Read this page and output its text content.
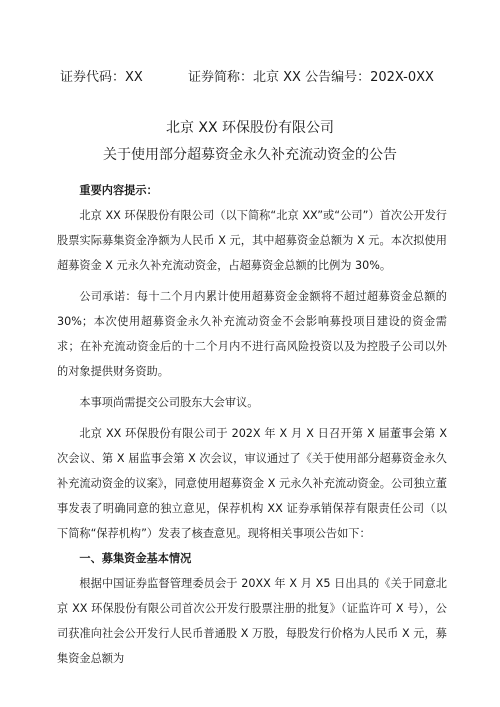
证券代码：XX	证券简称：北京 XX 公告编号：202X-0XX
北京 XX 环保股份有限公司
关于使用部分超募资金永久补充流动资金的公告

重要内容提示：

北京 XX 环保股份有限公司（以下简称“北京 XX”或“公司”）首次公开发行股票实际募集资金净额为人民币 X 元，其中超募资金总额为 X 元。本次拟使用超募资金 X 元永久补充流动资金，占超募资金总额的比例为 30%。

公司承诺：每十二个月内累计使用超募资金金额将不超过超募资金总额的 30%；本次使用超募资金永久补充流动资金不会影响募投项目建设的资金需求；在补充流动资金后的十二个月内不进行高风险投资以及为控股子公司以外的对象提供财务资助。

本事项尚需提交公司股东大会审议。

北京 XX 环保股份有限公司于 202X 年 X 月 X 日召开第 X 届董事会第 X 次会议、第 X 届监事会第 X 次会议，审议通过了《关于使用部分超募资金永久补充流动资金的议案》，同意使用超募资金 X 元永久补充流动资金。公司独立董事发表了明确同意的独立意见，保荐机构 XX 证券承销保荐有限责任公司（以下简称“保荐机构”）发表了核查意见。现将相关事项公告如下：

一、募集资金基本情况

根据中国证券监督管理委员会于 20XX 年 X 月 X5 日出具的《关于同意北京 XX 环保股份有限公司首次公开发行股票注册的批复》（证监许可 X 号），公司获准向社会公开发行人民币普通股 X 万股，每股发行价格为人民币 X 元，募集资金总额为
